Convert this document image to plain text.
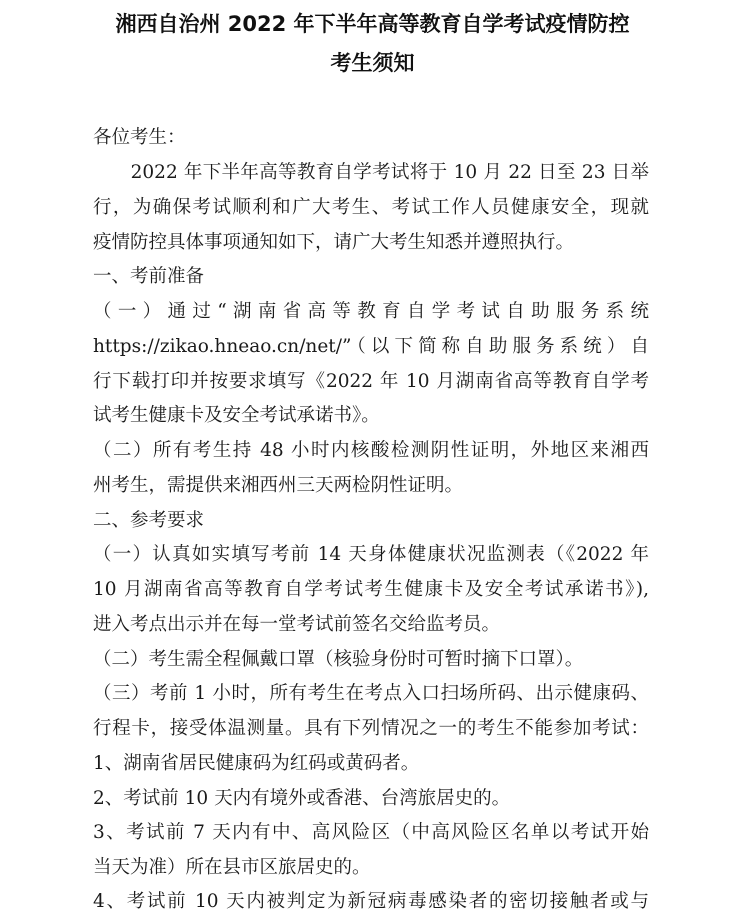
湘西自治州 2022 年下半年高等教育自学考试疫情防控
考生须知
各位考生：
　　2022 年下半年高等教育自学考试将于 10 月 22 日至 23 日举
行，为确保考试顺利和广大考生、考试工作人员健康安全，现就
疫情防控具体事项通知如下，请广大考生知悉并遵照执行。
一、考前准备
（一）通过“湖南省高等教育自学考试自助服务系统
https://zikao.hneao.cn/net/”（以下简称自助服务系统）自
行下载打印并按要求填写《2022 年 10 月湖南省高等教育自学考
试考生健康卡及安全考试承诺书》。
（二）所有考生持 48 小时内核酸检测阴性证明，外地区来湘西
州考生，需提供来湘西州三天两检阴性证明。
二、参考要求
（一）认真如实填写考前 14 天身体健康状况监测表（《2022 年
10 月湖南省高等教育自学考试考生健康卡及安全考试承诺书》),
进入考点出示并在每一堂考试前签名交给监考员。
（二）考生需全程佩戴口罩（核验身份时可暂时摘下口罩）。
（三）考前 1 小时，所有考生在考点入口扫场所码、出示健康码、
行程卡，接受体温测量。具有下列情况之一的考生不能参加考试：
1、湖南省居民健康码为红码或黄码者。
2、考试前 10 天内有境外或香港、台湾旅居史的。
3、考试前 7 天内有中、高风险区（中高风险区名单以考试开始
当天为准）所在县市区旅居史的。
4、考试前 10 天内被判定为新冠病毒感染者的密切接触者或与
